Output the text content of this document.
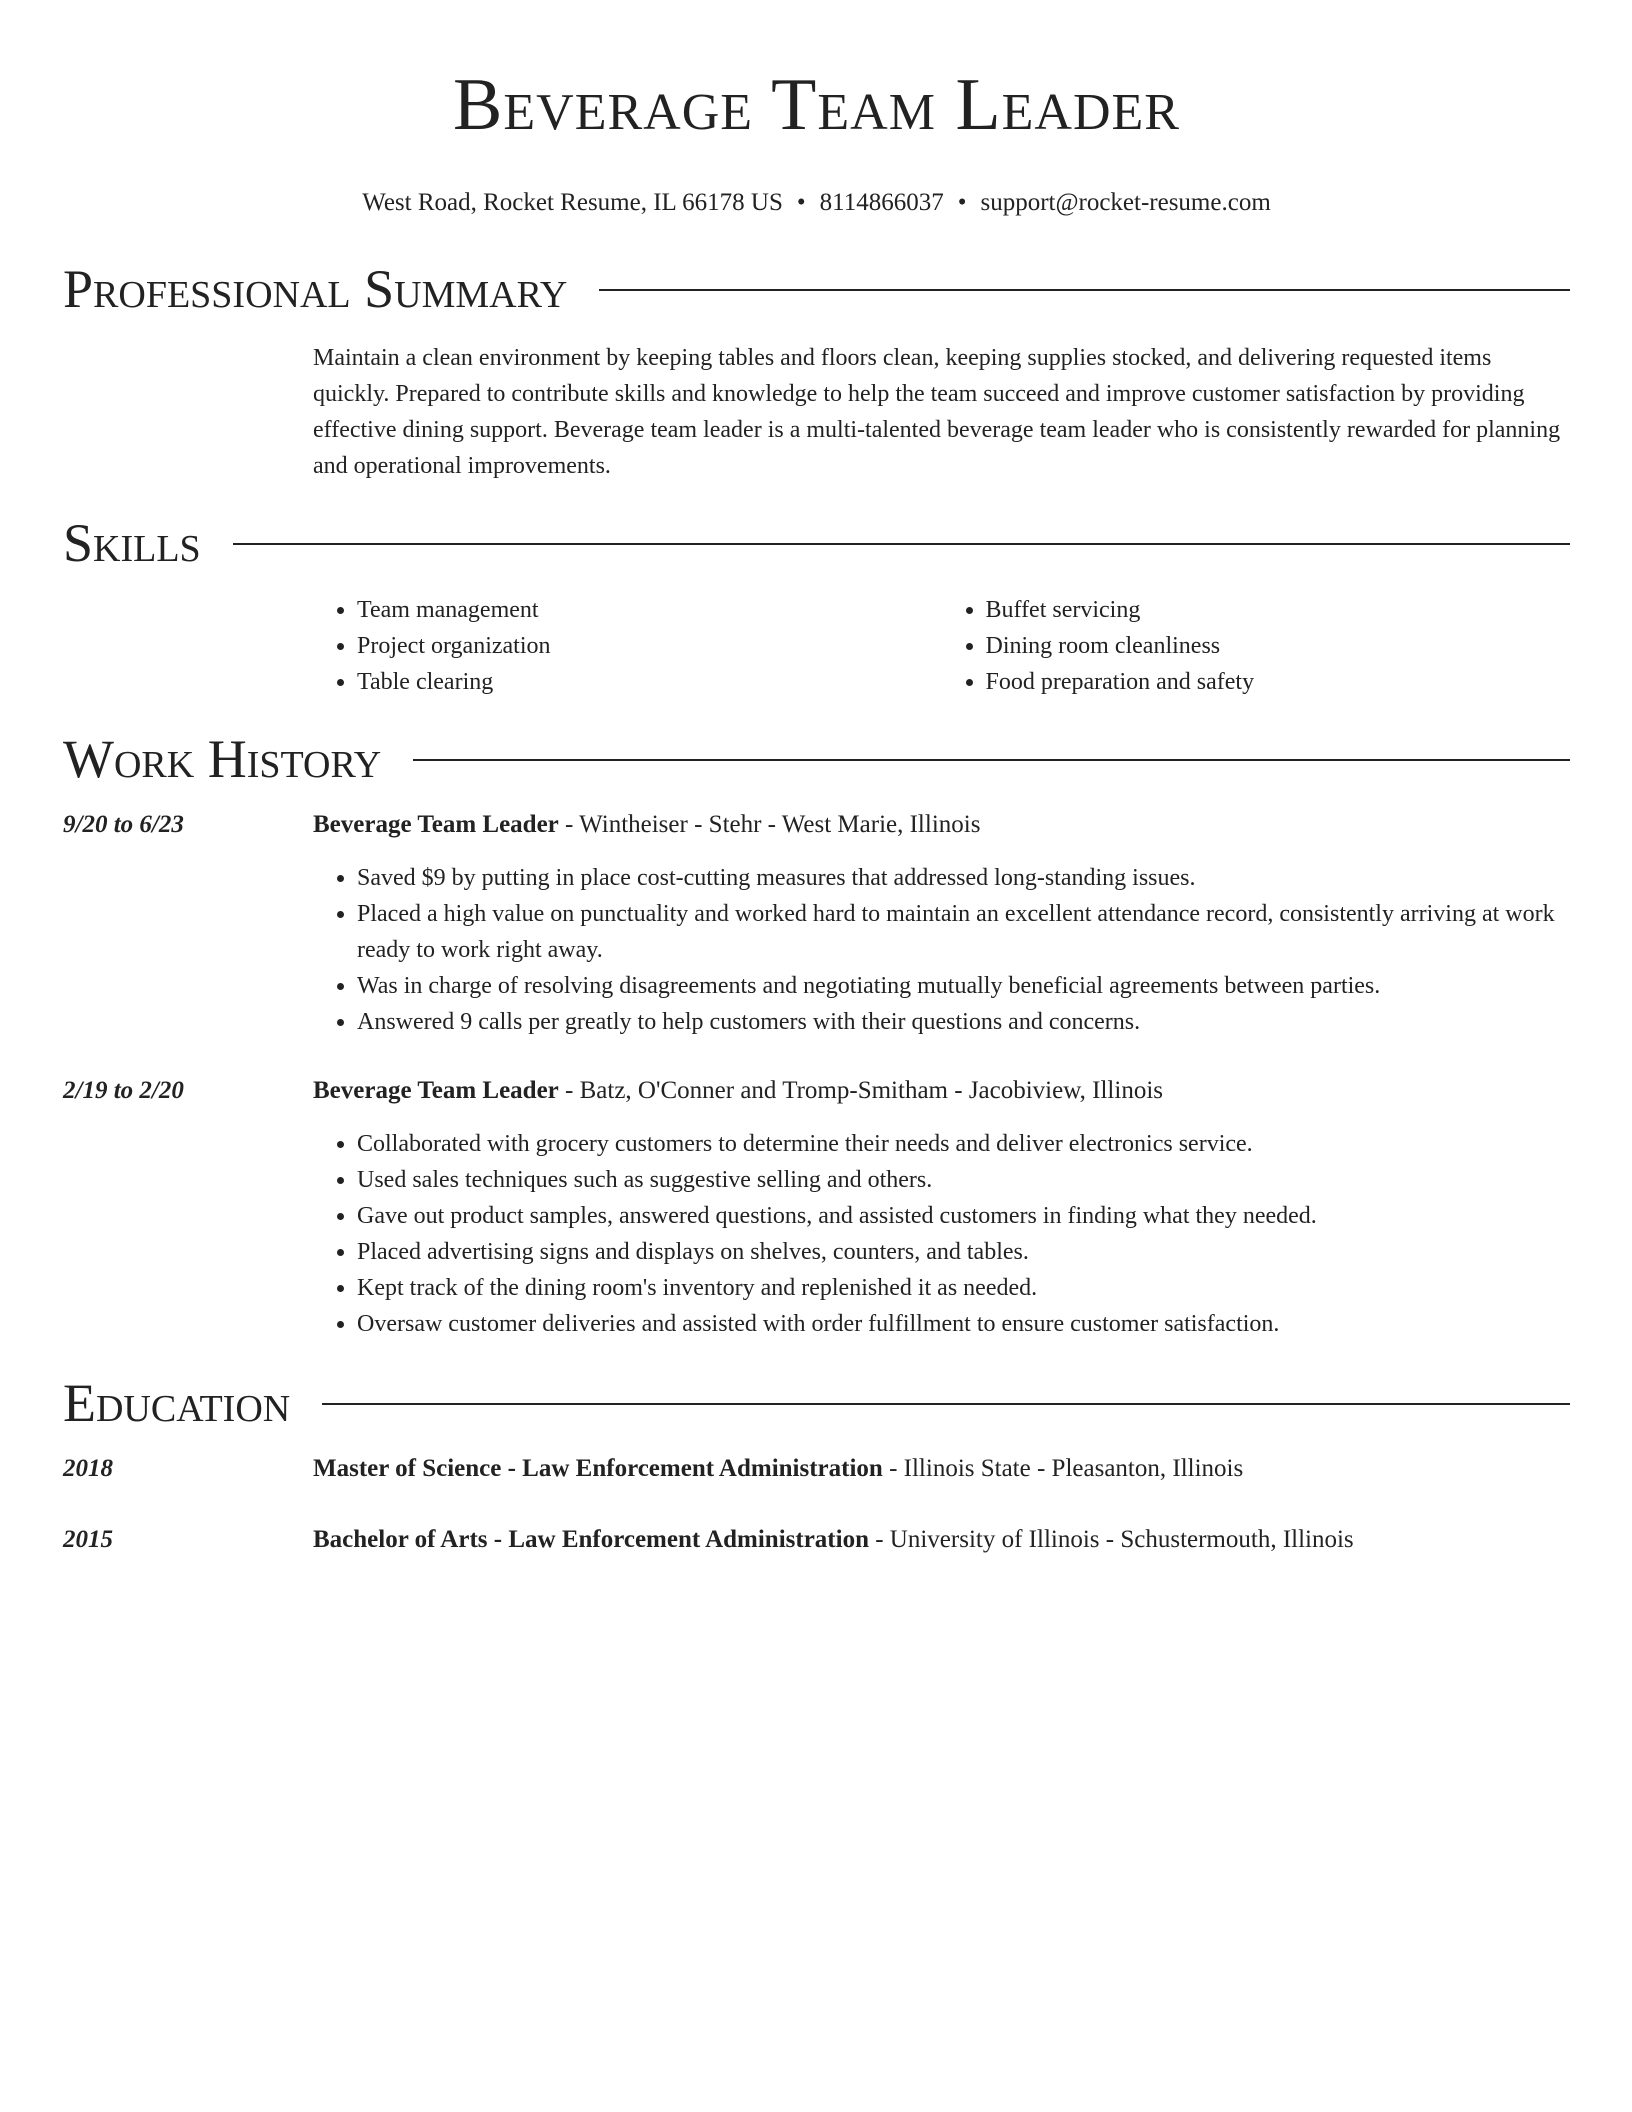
Beverage Team Leader
West Road, Rocket Resume, IL 66178 US • 8114866037 • support@rocket-resume.com
Professional Summary
Maintain a clean environment by keeping tables and floors clean, keeping supplies stocked, and delivering requested items quickly. Prepared to contribute skills and knowledge to help the team succeed and improve customer satisfaction by providing effective dining support. Beverage team leader is a multi-talented beverage team leader who is consistently rewarded for planning and operational improvements.
Skills
• Team management
• Project organization
• Table clearing
• Buffet servicing
• Dining room cleanliness
• Food preparation and safety
Work History
9/20 to 6/23	Beverage Team Leader - Wintheiser - Stehr - West Marie, Illinois
• Saved $9 by putting in place cost-cutting measures that addressed long-standing issues.
• Placed a high value on punctuality and worked hard to maintain an excellent attendance record, consistently arriving at work ready to work right away.
• Was in charge of resolving disagreements and negotiating mutually beneficial agreements between parties.
• Answered 9 calls per greatly to help customers with their questions and concerns.
2/19 to 2/20	Beverage Team Leader - Batz, O'Conner and Tromp-Smitham - Jacobiview, Illinois
• Collaborated with grocery customers to determine their needs and deliver electronics service.
• Used sales techniques such as suggestive selling and others.
• Gave out product samples, answered questions, and assisted customers in finding what they needed.
• Placed advertising signs and displays on shelves, counters, and tables.
• Kept track of the dining room's inventory and replenished it as needed.
• Oversaw customer deliveries and assisted with order fulfillment to ensure customer satisfaction.
Education
2018	Master of Science - Law Enforcement Administration - Illinois State - Pleasanton, Illinois
2015	Bachelor of Arts - Law Enforcement Administration - University of Illinois - Schustermouth, Illinois
